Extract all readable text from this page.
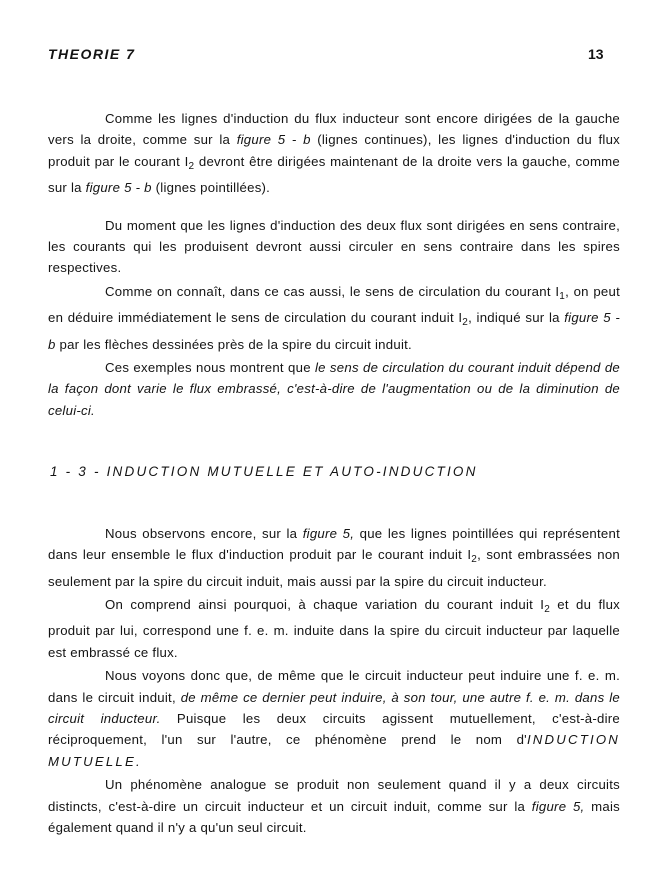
THEORIE 7	13

Comme les lignes d'induction du flux inducteur sont encore dirigées de la gauche vers la droite, comme sur la figure 5 - b (lignes continues), les lignes d'induction du flux produit par le courant $I_2$ devront être dirigées maintenant de la droite vers la gauche, comme sur la figure 5 - b (lignes pointillées).

Du moment que les lignes d'induction des deux flux sont dirigées en sens contraire, les courants qui les produisent devront aussi circuler en sens contraire dans les spires respectives.

Comme on connaît, dans ce cas aussi, le sens de circulation du courant $I_1$, on peut en déduire immédiatement le sens de circulation du courant induit $I_2$, indiqué sur la figure 5 - b par les flèches dessinées près de la spire du circuit induit.

Ces exemples nous montrent que le sens de circulation du courant induit dépend de la façon dont varie le flux embrassé, c'est-à-dire de l'augmentation ou de la diminution de celui-ci.

1 - 3 - INDUCTION MUTUELLE ET AUTO-INDUCTION

Nous observons encore, sur la figure 5, que les lignes pointillées qui représentent dans leur ensemble le flux d'induction produit par le courant induit $I_2$, sont embrassées non seulement par la spire du circuit induit, mais aussi par la spire du circuit inducteur.

On comprend ainsi pourquoi, à chaque variation du courant induit $I_2$ et du flux produit par lui, correspond une f. e. m. induite dans la spire du circuit inducteur par laquelle est embrassé ce flux.

Nous voyons donc que, de même que le circuit inducteur peut induire une f. e. m. dans le circuit induit, de même ce dernier peut induire, à son tour, une autre f. e. m. dans le circuit inducteur. Puisque les deux circuits agissent mutuellement, c'est-à-dire réciproquement, l'un sur l'autre, ce phénomène prend le nom d'INDUCTION MUTUELLE.

Un phénomène analogue se produit non seulement quand il y a deux circuits distincts, c'est-à-dire un circuit inducteur et un circuit induit, comme sur la figure 5, mais également quand il n'y a qu'un seul circuit.
